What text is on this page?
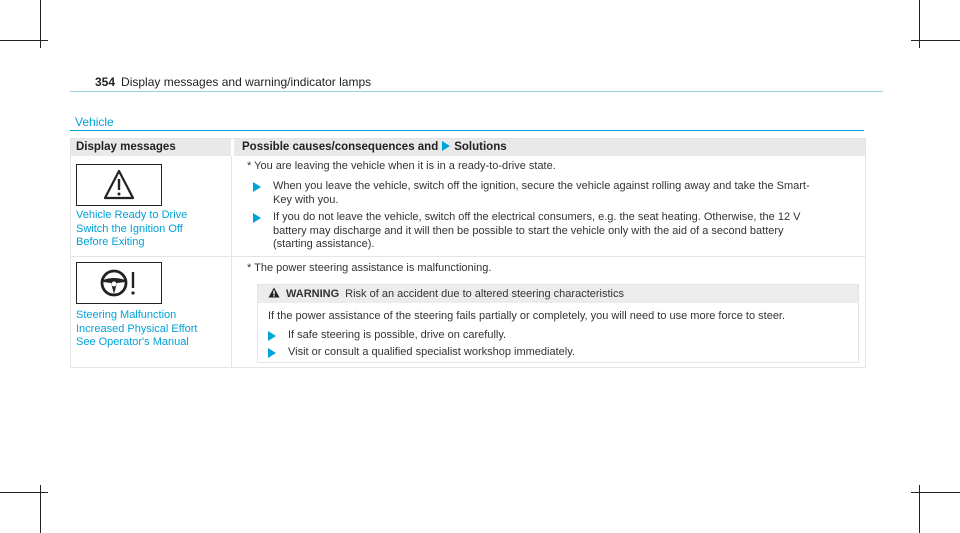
354 Display messages and warning/indicator lamps
Vehicle
Display messages	Possible causes/consequences and Solutions
Vehicle Ready to Drive
Switch the Ignition Off
Before Exiting
* You are leaving the vehicle when it is in a ready-to-drive state.
When you leave the vehicle, switch off the ignition, secure the vehicle against rolling away and take the Smart-
Key with you.
If you do not leave the vehicle, switch off the electrical consumers, e.g. the seat heating. Otherwise, the 12 V
battery may discharge and it will then be possible to start the vehicle only with the aid of a second battery
(starting assistance).
Steering Malfunction
Increased Physical Effort
See Operator's Manual
* The power steering assistance is malfunctioning.
WARNING Risk of an accident due to altered steering characteristics
If the power assistance of the steering fails partially or completely, you will need to use more force to steer.
If safe steering is possible, drive on carefully.
Visit or consult a qualified specialist workshop immediately.
